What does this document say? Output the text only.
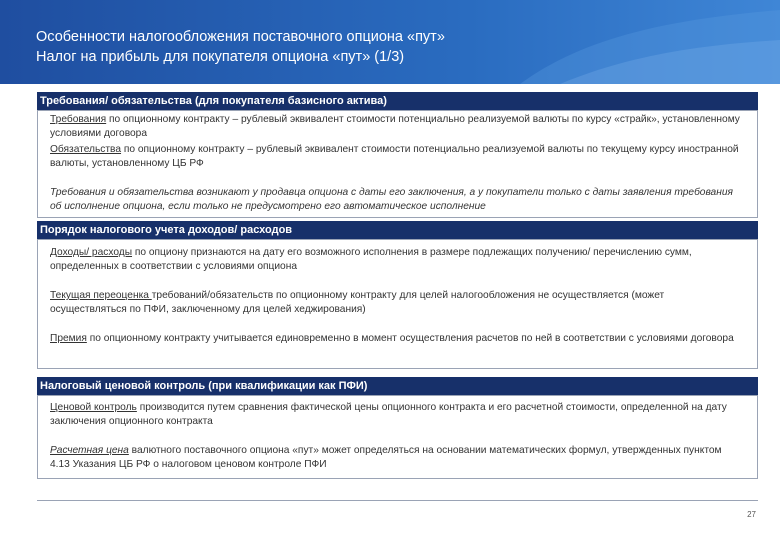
Особенности налогообложения поставочного опциона «пут»
Налог на прибыль для покупателя опциона «пут» (1/3)
Требования/ обязательства (для покупателя базисного актива)
Требования по опционному контракту – рублевый эквивалент стоимости потенциально реализуемой валюты по курсу «страйк», установленному условиями договора
Обязательства по опционному контракту – рублевый эквивалент стоимости потенциально реализуемой валюты по текущему курсу иностранной валюты, установленному ЦБ РФ
Требования и обязательства возникают у продавца опциона с даты его заключения, а у покупатели только с даты заявления требования об исполнение опциона, если только не предусмотрено его автоматическое исполнение
Порядок налогового учета доходов/ расходов
Доходы/ расходы по опциону признаются на дату его возможного исполнения в размере подлежащих получению/ перечислению сумм, определенных в соответствии с условиями опциона
Текущая переоценка требований/обязательств по опционному контракту для целей налогообложения не осуществляется (может осуществляться по ПФИ, заключенному для целей хеджирования)
Премия по опционному контракту учитывается единовременно в момент осуществления расчетов по ней в соответствии с условиями договора
Налоговый ценовой контроль (при квалификации как ПФИ)
Ценовой контроль производится путем сравнения фактической цены опционного контракта и его расчетной стоимости, определенной на дату заключения опционного контракта
Расчетная цена валютного поставочного опциона «пут» может определяться на основании математических формул, утвержденных пунктом 4.13 Указания ЦБ РФ о налоговом ценовом контроле ПФИ
27
